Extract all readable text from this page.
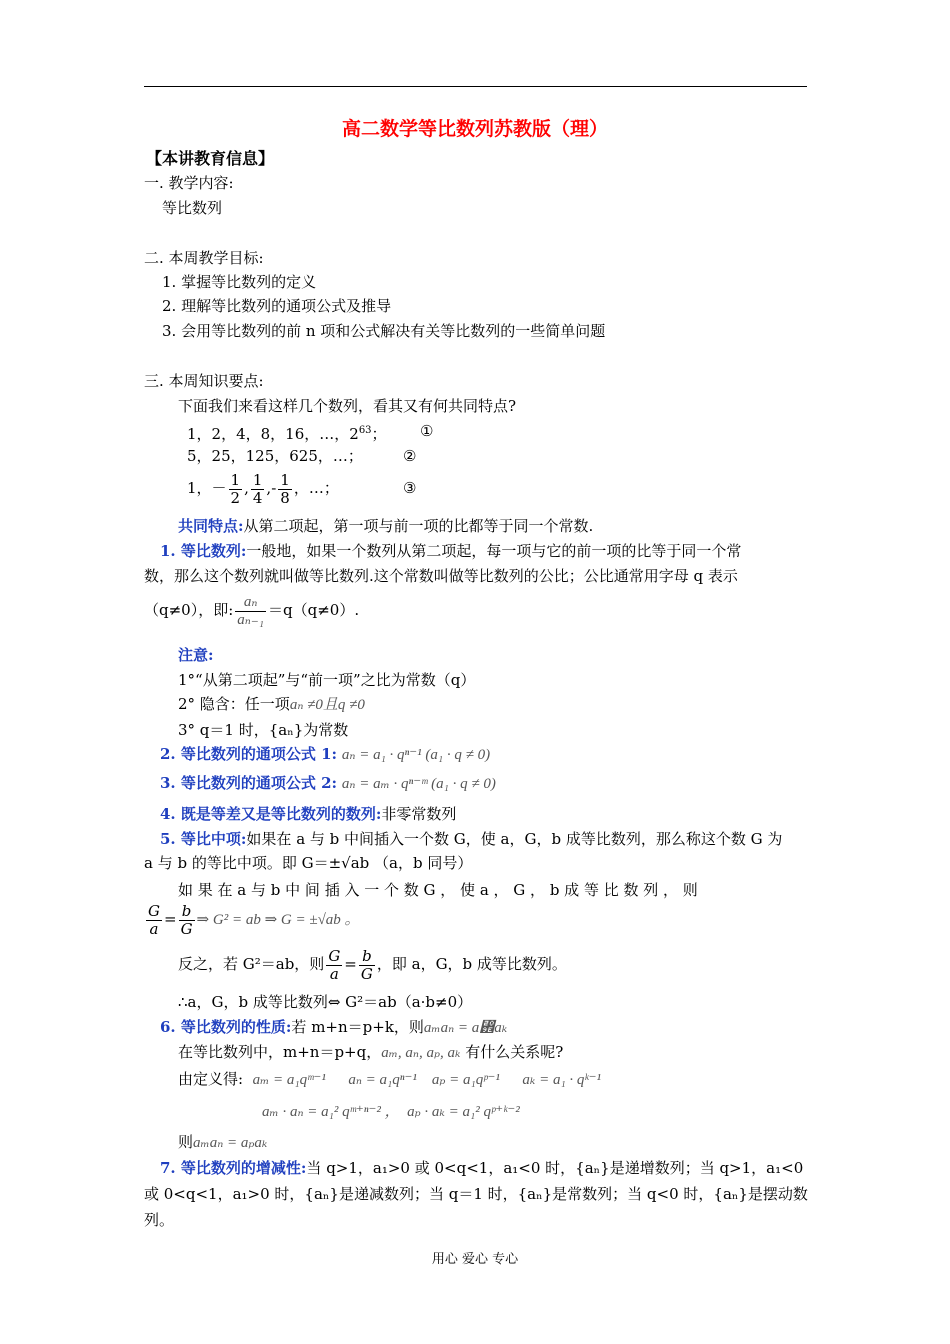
高二数学等比数列苏教版（理）
【本讲教育信息】
一. 教学内容:
等比数列
二. 本周教学目标:
1. 掌握等比数列的定义
2. 理解等比数列的通项公式及推导
3. 会用等比数列的前 n 项和公式解决有关等比数列的一些简单问题
三. 本周知识要点:
下面我们来看这样几个数列，看其又有何共同特点?
1，2，4，8，16，…，$2^{63}$； ①
5，25，125，625，…；	②
1，－ $\frac{1}{2}$ , $\frac{1}{4}$ ,- $\frac{1}{8}$ ，…；	③
共同特点:从第二项起，第一项与前一项的比都等于同一个常数.
1. 等比数列:一般地，如果一个数列从第二项起，每一项与它的前一项的比等于同一个常
数，那么这个数列就叫做等比数列.这个常数叫做等比数列的公比；公比通常用字母 q 表示
（q≠0），即: $\frac{\text{aₙ}}{\text{aₙ₋₁}} =q(q\ne 0)$.
注意:
1°“从第二项起”与“前一项”之比为常数（q）
2° 隐含：任一项aₙ ≠0且q ≠0
3° q＝1 时，{aₙ}为常数
2. 等比数列的通项公式 1: aₙ = a₁ · qⁿ⁻¹ (a₁ · q ≠ 0)
3. 等比数列的通项公式 2: aₙ = aₘ · qⁿ⁻ᵐ (a₁ · q ≠ 0)
4. 既是等差又是等比数列的数列:非零常数列
5. 等比中项:如果在 a 与 b 中间插入一个数 G，使 a，G，b 成等比数列，那么称这个数 G 为
a 与 b 的等比中项。即 G＝±√ab （a，b 同号）
如 果 在 a 与 b 中 间 插 入 一 个 数 G ， 使 a ， G ， b 成 等 比 数 列 ， 则
$\frac{G}{a} = \frac{b}{G}$ ⇒ G² = ab ⇒ G = ±√ab 。
反之，若 G²＝ab，则 $\frac{G}{a} = \frac{b}{G}$ ，即 a，G，b 成等比数列。
∴a，G，b 成等比数列⇔ G²＝ab（a·b≠0）
6. 等比数列的性质:若 m+n＝p+k，则aₘaₙ = a₞aₖ
在等比数列中，m+n＝p+q，aₘ, aₙ, aₚ, aₖ 有什么关系呢?
由定义得: aₘ = a₁qᵐ⁻¹      aₙ = a₁qⁿ⁻¹    aₚ = a₁qᵖ⁻¹      aₖ = a₁ · qᵏ⁻¹
aₘ · aₙ = a₁² qᵐ⁺ⁿ⁻² ，  aₚ · aₖ = a₁² qᵖ⁺ᵏ⁻²
则aₘaₙ = aₚaₖ
7. 等比数列的增减性:当 q>1，a₁>0 或 0<q<1，a₁<0 时，{aₙ}是递增数列；当 q>1，a₁<0
或 0<q<1，a₁>0 时，{aₙ}是递减数列；当 q＝1 时，{aₙ}是常数列；当 q<0 时，{aₙ}是摆动数
列。
用心 爱心 专心
